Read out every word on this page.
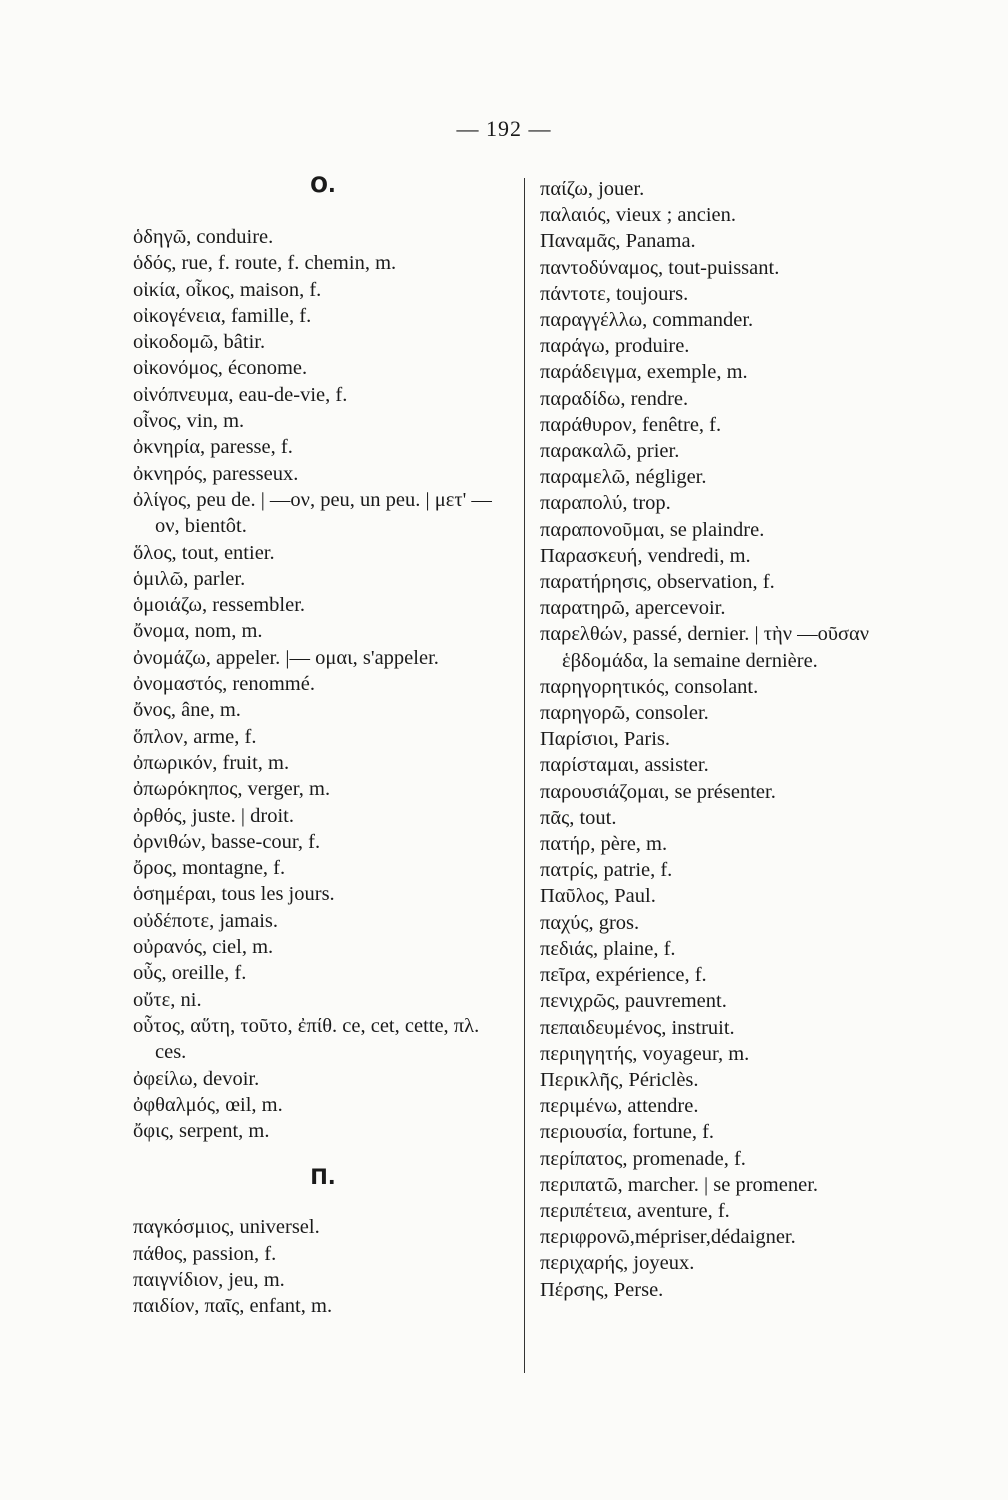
— 192 —
Ο.
ὁδηγῶ, conduire.
ὁδός, rue, f. route, f. chemin, m.
οἰκία, οἶκος, maison, f.
οἰκογένεια, famille, f.
οἰκοδομῶ, bâtir.
οἰκονόμος, économe.
οἰνόπνευμα, eau-de-vie, f.
οἶνος, vin, m.
ὀκνηρία, paresse, f.
ὀκνηρός, paresseux.
ὀλίγος, peu de. | —ον, peu, un peu. | μετ' —ον, bientôt.
ὅλος, tout, entier.
ὁμιλῶ, parler.
ὁμοιάζω, ressembler.
ὄνομα, nom, m.
ὀνομάζω, appeler. |— ομαι, s'appeler.
ὀνομαστός, renommé.
ὄνος, âne, m.
ὅπλον, arme, f.
ὀπωρικόν, fruit, m.
ὀπωρόκηπος, verger, m.
ὀρθός, juste. | droit.
ὀρνιθών, basse-cour, f.
ὄρος, montagne, f.
ὁσημέραι, tous les jours.
οὐδέποτε, jamais.
οὐρανός, ciel, m.
οὖς, oreille, f.
οὔτε, ni.
οὗτος, αὕτη, τοῦτο, ἐπίθ. ce, cet, cette, πλ. ces.
ὀφείλω, devoir.
ὀφθαλμός, œil, m.
ὄφις, serpent, m.
Π.
παγκόσμιος, universel.
πάθος, passion, f.
παιγνίδιον, jeu, m.
παιδίον, παῖς, enfant, m.
παίζω, jouer.
παλαιός, vieux ; ancien.
Παναμᾶς, Panama.
παντοδύναμος, tout-puissant.
πάντοτε, toujours.
παραγγέλλω, commander.
παράγω, produire.
παράδειγμα, exemple, m.
παραδίδω, rendre.
παράθυρον, fenêtre, f.
παρακαλῶ, prier.
παραμελῶ, négliger.
παραπολύ, trop.
παραπονοῦμαι, se plaindre.
Παρασκευή, vendredi, m.
παρατήρησις, observation, f.
παρατηρῶ, apercevoir.
παρελθών, passé, dernier. | τὴν —οῦσαν ἑβδομάδα, la semaine dernière.
παρηγορητικός, consolant.
παρηγορῶ, consoler.
Παρίσιοι, Paris.
παρίσταμαι, assister.
παρουσιάζομαι, se présenter.
πᾶς, tout.
πατήρ, père, m.
πατρίς, patrie, f.
Παῦλος, Paul.
παχύς, gros.
πεδιάς, plaine, f.
πεῖρα, expérience, f.
πενιχρῶς, pauvrement.
πεπαιδευμένος, instruit.
περιηγητής, voyageur, m.
Περικλῆς, Périclès.
περιμένω, attendre.
περιουσία, fortune, f.
περίπατος, promenade, f.
περιπατῶ, marcher. | se promener.
περιπέτεια, aventure, f.
περιφρονῶ,mépriser,dédaigner.
περιχαρής, joyeux.
Πέρσης, Perse.
